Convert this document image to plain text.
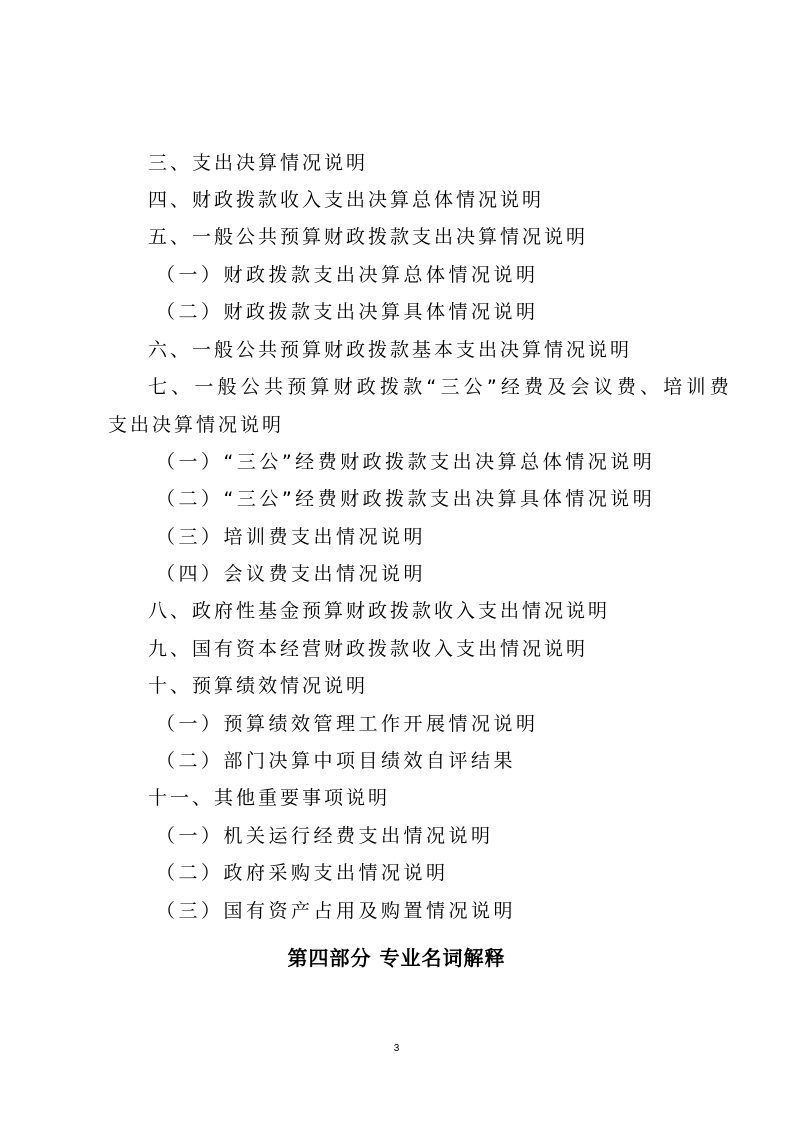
三、支出决算情况说明
四、财政拨款收入支出决算总体情况说明
五、一般公共预算财政拨款支出决算情况说明
（一）财政拨款支出决算总体情况说明
（二）财政拨款支出决算具体情况说明
六、一般公共预算财政拨款基本支出决算情况说明
七、一般公共预算财政拨款“三公”经费及会议费、培训费
支出决算情况说明
（一）“三公”经费财政拨款支出决算总体情况说明
（二）“三公”经费财政拨款支出决算具体情况说明
（三）培训费支出情况说明
（四）会议费支出情况说明
八、政府性基金预算财政拨款收入支出情况说明
九、国有资本经营财政拨款收入支出情况说明
十、预算绩效情况说明
（一）预算绩效管理工作开展情况说明
（二）部门决算中项目绩效自评结果
十一、其他重要事项说明
（一）机关运行经费支出情况说明
（二）政府采购支出情况说明
（三）国有资产占用及购置情况说明
第四部分 专业名词解释
3
